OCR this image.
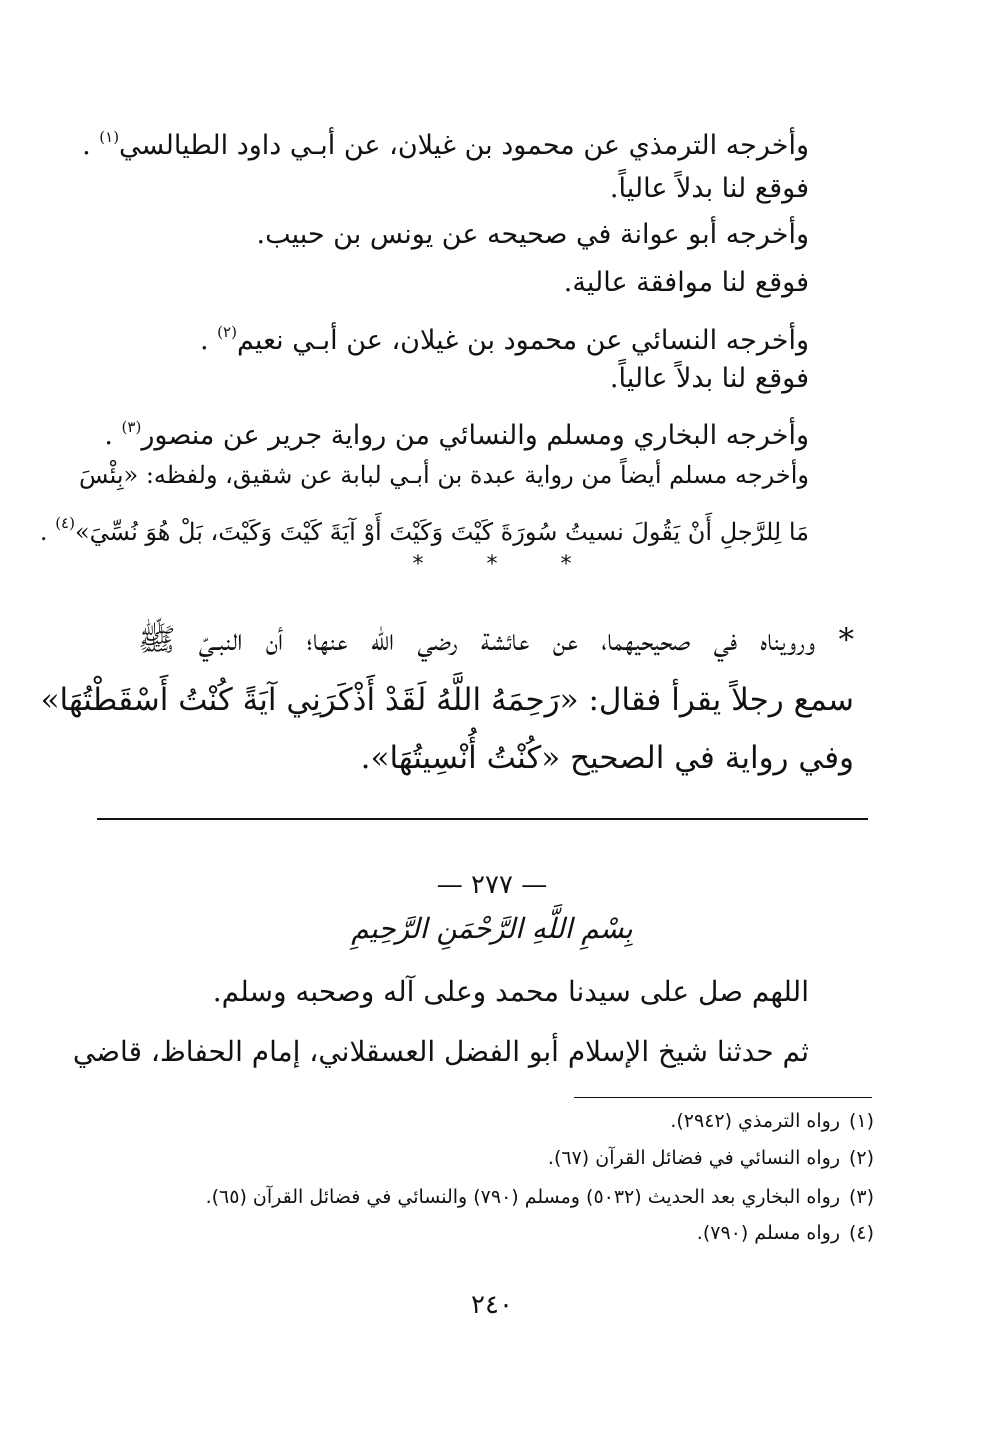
وأخرجه الترمذي عن محمود بن غيلان، عن أبـي داود الطيالسي$^{(١)}$ .
فوقع لنا بدلاً عالياً.
وأخرجه أبو عوانة في صحيحه عن يونس بن حبيب.
فوقع لنا موافقة عالية.
وأخرجه النسائي عن محمود بن غيلان، عن أبـي نعيم$^{(٢)}$ .
فوقع لنا بدلاً عالياً.
وأخرجه البخاري ومسلم والنسائي من رواية جرير عن منصور$^{(٣)}$ .
وأخرجه مسلم أيضاً من رواية عبدة بن أبـي لبابة عن شقيق، ولفظه: «بِئْسَ
مَا لِلرَّجلِ أَنْ يَقُولَ نسيتُ سُورَةَ كَيْتَ وَكَيْتَ أَوْ آيَةَ كَيْتَ وَكَيْتَ، بَلْ هُوَ نُسِّيَ»$^{(٤)}$ .
*	*	*
* ورويناه في صحيحيهما، عن عائشة رضي الله عنها؛ أن النبـيّ ﷺ
سمع رجلاً يقرأ فقال: «رَحِمَهُ اللَّهُ لَقَدْ أَذْكَرَنِي آيَةً كُنْتُ أَسْقَطْتُهَا»
وفي رواية في الصحيح «كُنْتُ أُنْسِيتُهَا».
— ٢٧٧ —
بِسْمِ اللَّهِ الرَّحْمَنِ الرَّحِيمِ
اللهم صل على سيدنا محمد وعلى آله وصحبه وسلم.
ثم حدثنا شيخ الإسلام أبو الفضل العسقلاني، إمام الحفاظ، قاضي
(١)رواه الترمذي (٢٩٤٢).
(٢)رواه النسائي في فضائل القرآن (٦٧).
(٣)رواه البخاري بعد الحديث (٥٠٣٢) ومسلم (٧٩٠) والنسائي في فضائل القرآن (٦٥).
(٤)رواه مسلم (٧٩٠).
٢٤٠
